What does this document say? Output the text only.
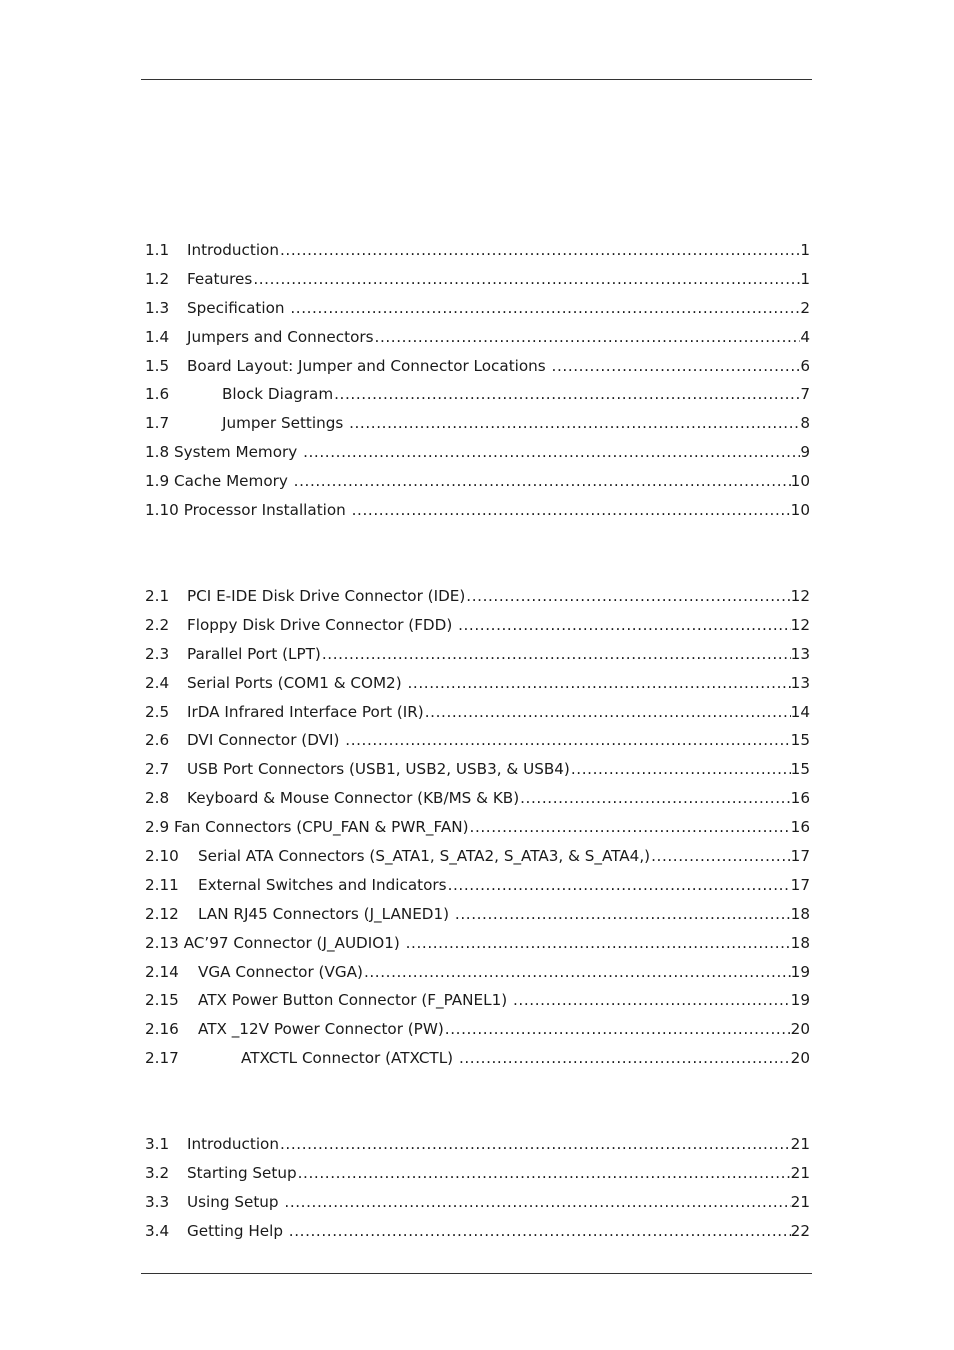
1.1	Introduction .....	1
1.2	Features .....	1
1.3	Specification .....	2
1.4	Jumpers and Connectors .....	4
1.5	Board Layout: Jumper and Connector Locations .....	6
1.6	Block Diagram .....	7
1.7	Jumper Settings .....	8
1.8 System Memory .....	9
1.9 Cache Memory .....	10
1.10 Processor Installation .....	10
2.1	PCI E-IDE Disk Drive Connector (IDE) .....	12
2.2	Floppy Disk Drive Connector (FDD) .....	12
2.3	Parallel Port (LPT) .....	13
2.4	Serial Ports (COM1 & COM2) .....	13
2.5	IrDA Infrared Interface Port (IR) .....	14
2.6	DVI Connector (DVI) .....	15
2.7	USB Port Connectors (USB1, USB2, USB3, & USB4) .....	15
2.8	Keyboard & Mouse Connector (KB/MS & KB) .....	16
2.9 Fan Connectors (CPU_FAN & PWR_FAN) .....	16
2.10	Serial ATA Connectors (S_ATA1, S_ATA2, S_ATA3, & S_ATA4,) .....	17
2.11	External Switches and Indicators .....	17
2.12	LAN RJ45 Connectors (J_LANED1) .....	18
2.13 AC’97 Connector (J_AUDIO1) .....	18
2.14	VGA Connector (VGA) .....	19
2.15	ATX Power Button Connector (F_PANEL1) .....	19
2.16	ATX _12V Power Connector (PW) .....	20
2.17	ATXCTL Connector (ATXCTL) .....	20
3.1	Introduction .....	21
3.2	Starting Setup .....	21
3.3	Using Setup .....	21
3.4	Getting Help .....	22
